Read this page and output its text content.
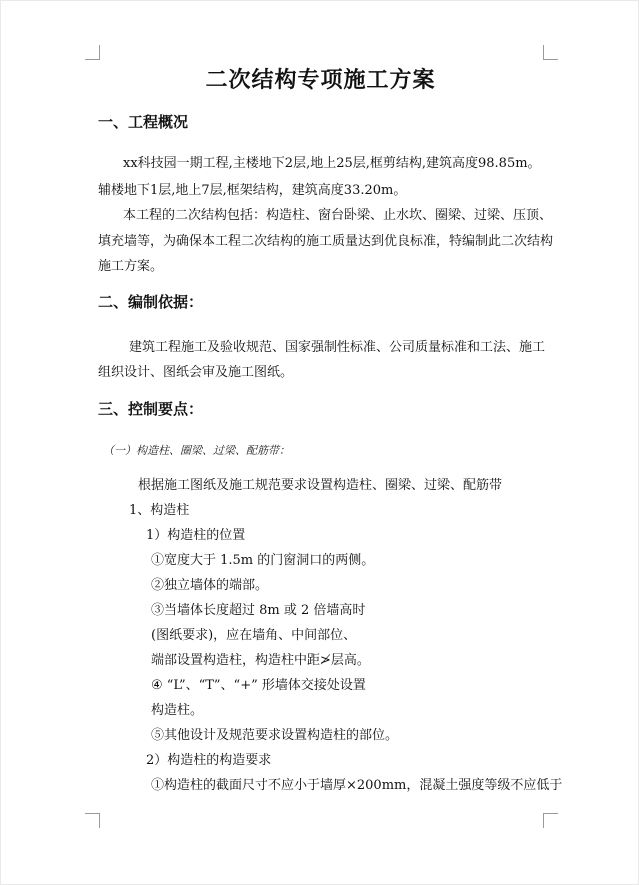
二次结构专项施工方案
一、工程概况

xx科技园一期工程,主楼地下2层,地上25层,框剪结构,建筑高度98.85m。

辅楼地下1层,地上7层,框架结构，建筑高度33.20m。

本工程的二次结构包括：构造柱、窗台卧梁、止水坎、圈梁、过梁、压顶、

填充墙等，为确保本工程二次结构的施工质量达到优良标准，特编制此二次结构

施工方案。

二、编制依据：

建筑工程施工及验收规范、国家强制性标准、公司质量标准和工法、施工

组织设计、图纸会审及施工图纸。

三、控制要点：
（一）构造柱、圈梁、过梁、配筋带：

根据施工图纸及施工规范要求设置构造柱、圈梁、过梁、配筋带

1、构造柱

1）构造柱的位置

①宽度大于 1.5m 的门窗洞口的两侧。

②独立墙体的端部。

③当墙体长度超过 8m 或 2 倍墙高时

(图纸要求)，应在墙角、中间部位、

端部设置构造柱，构造柱中距≯层高。

④ “L”、“T”、“+” 形墙体交接处设置

构造柱。

⑤其他设计及规范要求设置构造柱的部位。

2）构造柱的构造要求

①构造柱的截面尺寸不应小于墙厚×200mm，混凝土强度等级不应低于
